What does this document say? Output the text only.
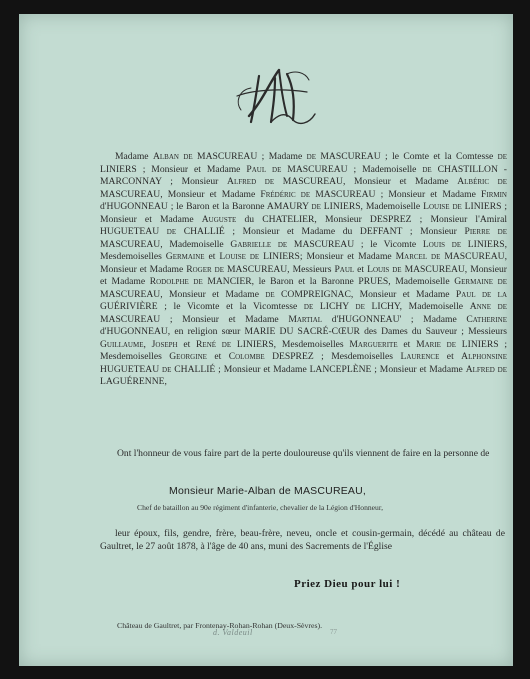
Madame Alban de MASCUREAU ; Madame de MASCUREAU ; le Comte et la Comtesse de LINIERS ; Monsieur et Madame Paul de MASCUREAU ; Mademoiselle de CHASTILLON - MARCONNAY ; Monsieur Alfred de MASCUREAU, Monsieur et Madame Albéric de MASCUREAU, Monsieur et Madame Frédéric de MASCUREAU ; Monsieur et Madame Firmin d'HUGONNEAU ; le Baron et la Baronne AMAURY de LINIERS, Mademoiselle Louise de LINIERS ; Monsieur et Madame Auguste du CHATELIER, Monsieur DESPREZ ; Monsieur l'Amiral HUGUETEAU de CHALLIÉ ; Monsieur et Madame du DEFFANT ; Monsieur Pierre de MASCUREAU, Mademoiselle Gabrielle de MASCUREAU ; le Vicomte Louis de LINIERS, Mesdemoiselles Germaine et Louise de LINIERS; Monsieur et Madame Marcel de MASCUREAU, Monsieur et Madame Roger de MASCUREAU, Messieurs Paul et Louis de MASCUREAU, Monsieur et Madame Rodolphe de MANCIER, le Baron et la Baronne PRUES, Mademoiselle Germaine de MASCUREAU, Monsieur et Madame de COMPREIGNAC, Monsieur et Madame Paul de la GUÉRIVIÈRE ; le Vicomte et la Vicomtesse de LICHY de LICHY, Mademoiselle Anne de MASCUREAU ; Monsieur et Madame Martial d'HUGONNEAU' ; Madame Catherine d'HUGONNEAU, en religion sœur MARIE DU SACRÉ-CŒUR des Dames du Sauveur ; Messieurs Guillaume, Joseph et René de LINIERS, Mesdemoiselles Marguerite et Marie de LINIERS ; Mesdemoiselles Georgine et Colombe DESPREZ ; Mesdemoiselles Laurence et Alphonsine HUGUETEAU de CHALLIÉ ; Monsieur et Madame LANCEPLÈNE ; Monsieur et Madame Alfred de LAGUÉRENNE,
Ont l'honneur de vous faire part de la perte douloureuse qu'ils viennent de faire en la personne de
Monsieur Marie-Alban de MASCUREAU,
Chef de bataillon au 90e régiment d'infanterie, chevalier de la Légion d'Honneur,
leur époux, fils, gendre, frère, beau-frère, neveu, oncle et cousin-germain, décédé au château de Gaultret, le 27 août 1878, à l'âge de 40 ans, muni des Sacrements de l'Église
Priez Dieu pour lui !
Château de Gaultret, par Frontenay-Rohan-Rohan (Deux-Sèvres).
d. Valdeuil	77
